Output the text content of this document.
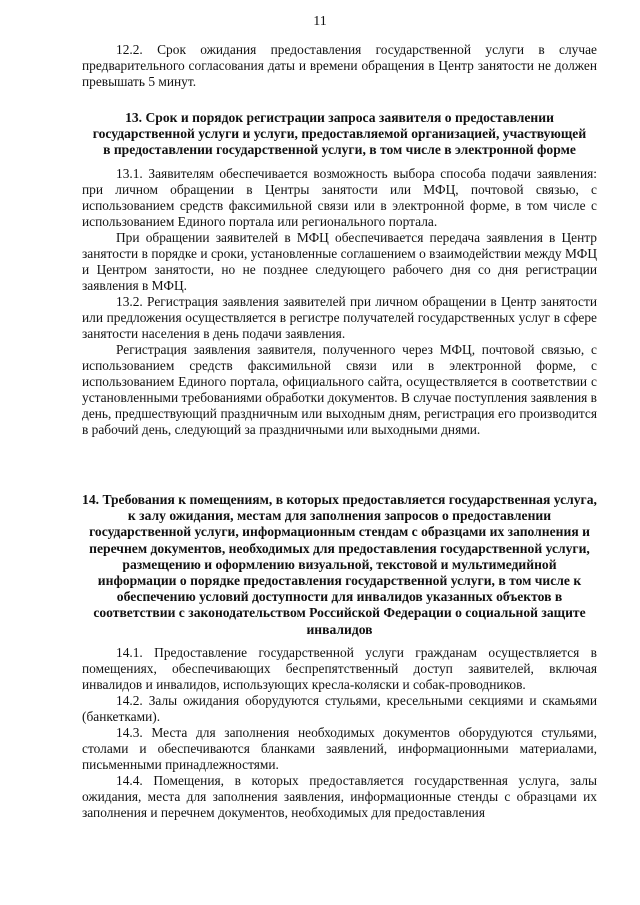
11

12.2. Срок ожидания предоставления государственной услуги в случае предварительного согласования даты и времени обращения в Центр занятости не должен превышать 5 минут.

13. Срок и порядок регистрации запроса заявителя о предоставлении государственной услуги и услуги, предоставляемой организацией, участвующей в предоставлении государственной услуги, в том числе в электронной форме

13.1. Заявителям обеспечивается возможность выбора способа подачи заявления: при личном обращении в Центры занятости или МФЦ, почтовой связью, с использованием средств факсимильной связи или в электронной форме, в том числе с использованием Единого портала или регионального портала.

При обращении заявителей в МФЦ обеспечивается передача заявления в Центр занятости в порядке и сроки, установленные соглашением о взаимодействии между МФЦ и Центром занятости, но не позднее следующего рабочего дня со дня регистрации заявления в МФЦ.

13.2. Регистрация заявления заявителей при личном обращении в Центр занятости или предложения осуществляется в регистре получателей государственных услуг в сфере занятости населения в день подачи заявления.

Регистрация заявления заявителя, полученного через МФЦ, почтовой связью, с использованием средств факсимильной связи или в электронной форме, с использованием Единого портала, официального сайта, осуществляется в соответствии с установленными требованиями обработки документов. В случае поступления заявления в день, предшествующий праздничным или выходным дням, регистрация его производится в рабочий день, следующий за праздничными или выходными днями.

14. Требования к помещениям, в которых предоставляется государственная услуга, к залу ожидания, местам для заполнения запросов о предоставлении государственной услуги, информационным стендам с образцами их заполнения и перечнем документов, необходимых для предоставления государственной услуги, размещению и оформлению визуальной, текстовой и мультимедийной информации о порядке предоставления государственной услуги, в том числе к обеспечению условий доступности для инвалидов указанных объектов в соответствии с законодательством Российской Федерации о социальной защите инвалидов

14.1. Предоставление государственной услуги гражданам осуществляется в помещениях, обеспечивающих беспрепятственный доступ заявителей, включая инвалидов и инвалидов, использующих кресла-коляски и собак-проводников.

14.2. Залы ожидания оборудуются стульями, кресельными секциями и скамьями (банкетками).

14.3. Места для заполнения необходимых документов оборудуются стульями, столами и обеспечиваются бланками заявлений, информационными материалами, письменными принадлежностями.

14.4. Помещения, в которых предоставляется государственная услуга, залы ожидания, места для заполнения заявления, информационные стенды с образцами их заполнения и перечнем документов, необходимых для предоставления
